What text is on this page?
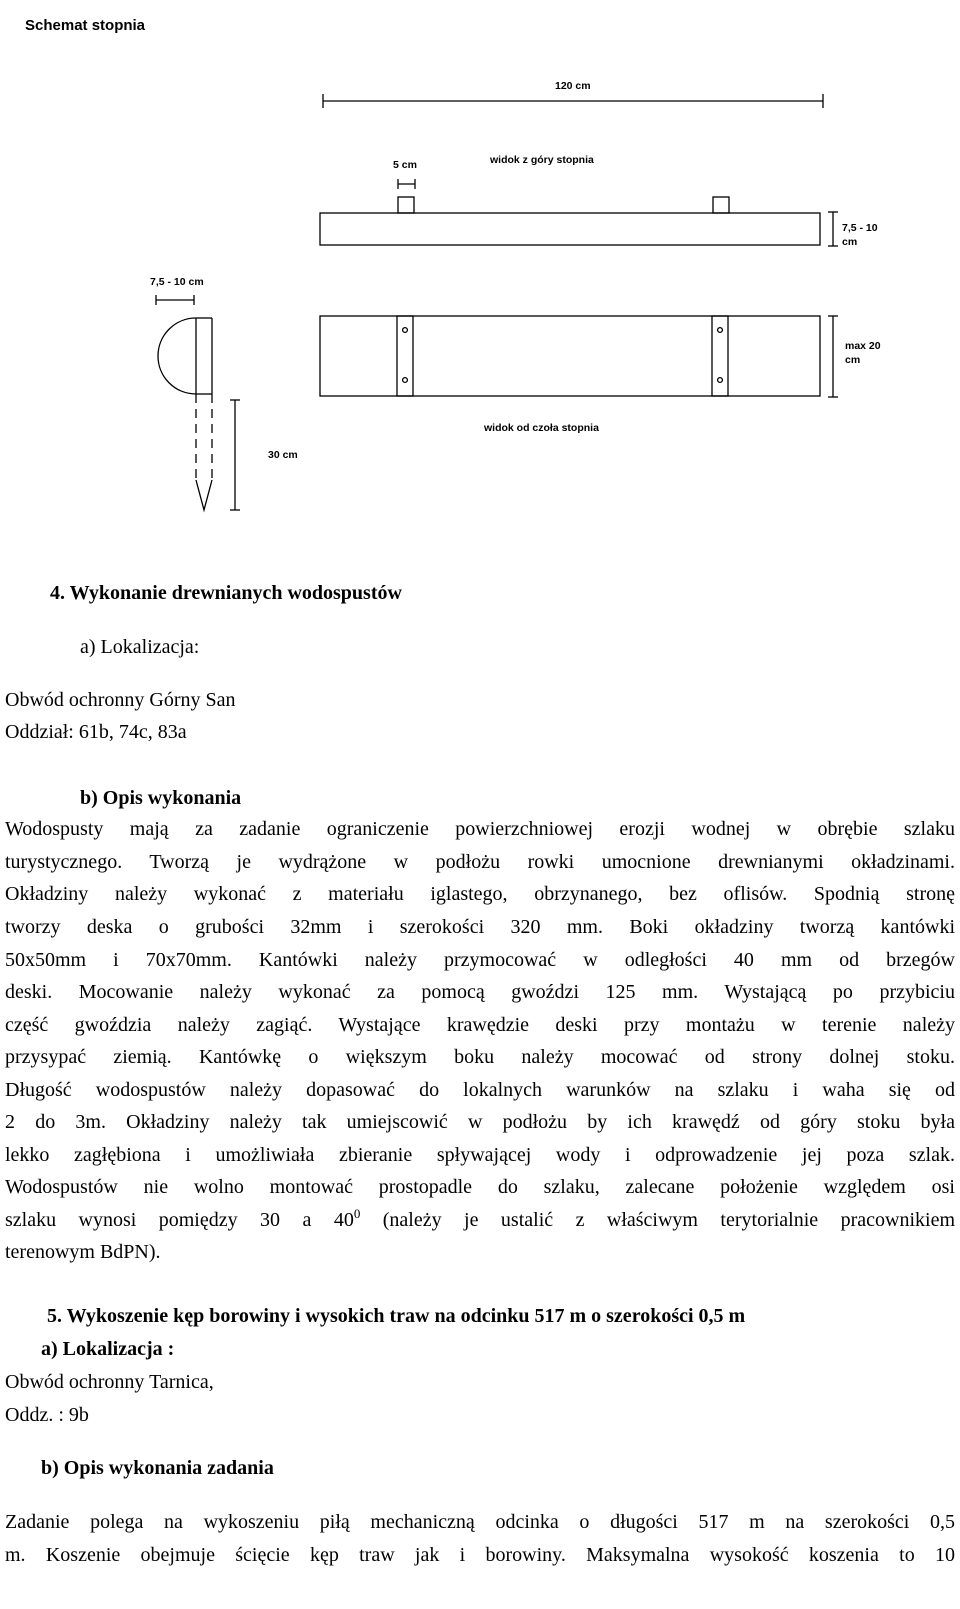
Schemat stopnia
120 cm
5 cm	widok z góry stopnia
7,5 - 10 cm
7,5 - 10 cm
max 20 cm
widok od czoła stopnia
30 cm
4. Wykonanie drewnianych wodospustów
a) Lokalizacja:
Obwód ochronny Górny San
Oddział: 61b, 74c, 83a
b) Opis wykonania
Wodospusty mają za zadanie ograniczenie powierzchniowej erozji wodnej w obrębie szlaku
turystycznego. Tworzą je wydrążone w podłożu rowki umocnione drewnianymi okładzinami.
Okładziny należy wykonać z materiału iglastego, obrzynanego, bez oflisów. Spodnią stronę
tworzy deska o grubości 32mm i szerokości 320 mm. Boki okładziny tworzą kantówki
50x50mm i 70x70mm. Kantówki należy przymocować w odległości 40 mm od brzegów
deski. Mocowanie należy wykonać za pomocą gwoździ 125 mm. Wystającą po przybiciu
część gwoździa należy zagiąć. Wystające krawędzie deski przy montażu w terenie należy
przysypać ziemią. Kantówkę o większym boku należy mocować od strony dolnej stoku.
Długość wodospustów należy dopasować do lokalnych warunków na szlaku i waha się od
2 do 3m. Okładziny należy tak umiejscowić w podłożu by ich krawędź od góry stoku była
lekko zagłębiona i umożliwiała zbieranie spływającej wody i odprowadzenie jej poza szlak.
Wodospustów nie wolno montować prostopadle do szlaku, zalecane położenie względem osi
szlaku wynosi pomiędzy 30 a $40^0$ (należy je ustalić z właściwym terytorialnie pracownikiem
terenowym BdPN).
5. Wykoszenie kęp borowiny i wysokich traw na odcinku 517 m o szerokości 0,5 m
a) Lokalizacja :
Obwód ochronny Tarnica,
Oddz. : 9b
b) Opis wykonania zadania
Zadanie polega na wykoszeniu piłą mechaniczną odcinka o długości 517 m na szerokości 0,5
m. Koszenie obejmuje ścięcie kęp traw jak i borowiny. Maksymalna wysokość koszenia to 10
